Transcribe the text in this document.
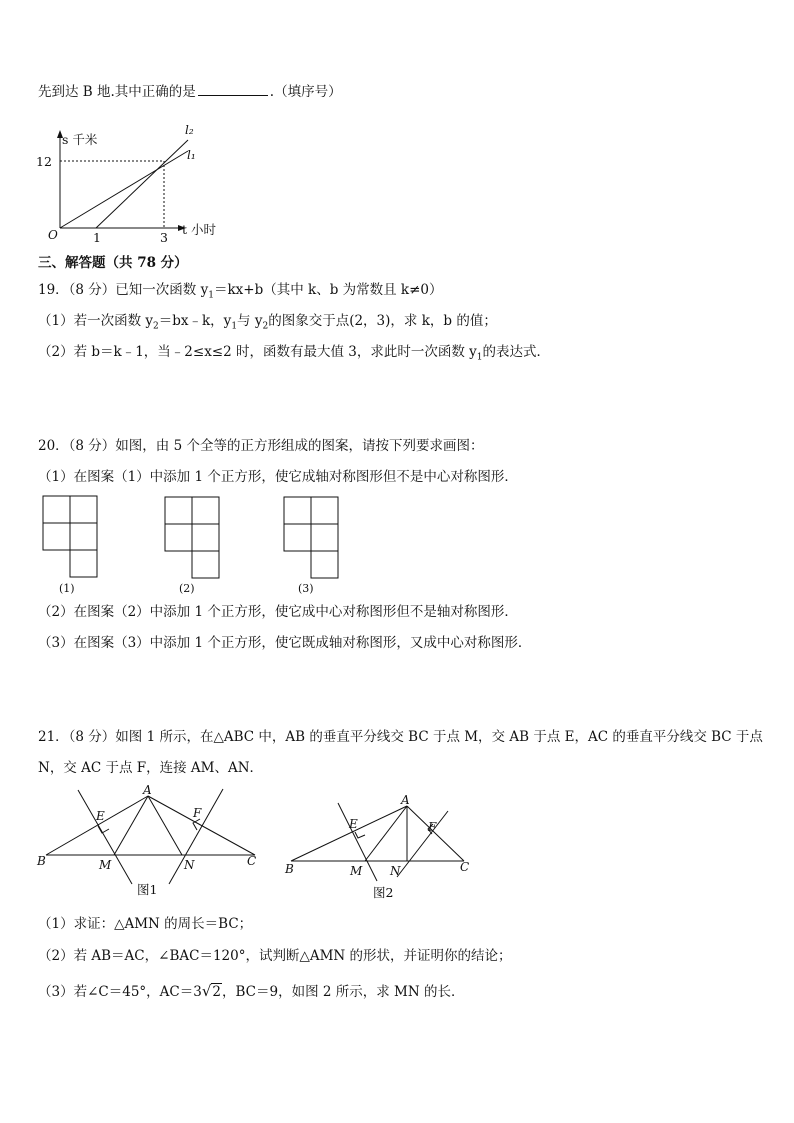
先到达 B 地.其中正确的是	.（填序号）
s 千米
t 小时
12
l₂
l₁
O	1	3
三、解答题（共 78 分）
19．（8 分）已知一次函数 $y_1=kx+b$（其中 k、b 为常数且 k≠0）
（1）若一次函数 $y_2=bx﹣k$，$y_1$与 $y_2$的图象交于点(2，3)，求 k，b 的值；
（2）若 b＝k﹣1，当﹣2≤x≤2 时，函数有最大值 3，求此时一次函数 $y_1$的表达式．
20．（8 分）如图，由 5 个全等的正方形组成的图案，请按下列要求画图：
（1）在图案（1）中添加 1 个正方形，使它成轴对称图形但不是中心对称图形．
(1)	(2)	(3)
（2）在图案（2）中添加 1 个正方形，使它成中心对称图形但不是轴对称图形．
（3）在图案（3）中添加 1 个正方形，使它既成轴对称图形，又成中心对称图形．
21．（8 分）如图 1 所示，在△ABC 中，AB 的垂直平分线交 BC 于点 M，交 AB 于点 E，AC 的垂直平分线交 BC 于点
N，交 AC 于点 F，连接 AM、AN．
A
E	F
B	M	N	C
图1
A
E	F
B	M N	C
图2
（1）求证：△AMN 的周长＝BC；
（2）若 AB＝AC，∠BAC＝120°，试判断△AMN 的形状，并证明你的结论；
（3）若∠C＝45°，AC＝3√2，BC＝9，如图 2 所示，求 MN 的长．
